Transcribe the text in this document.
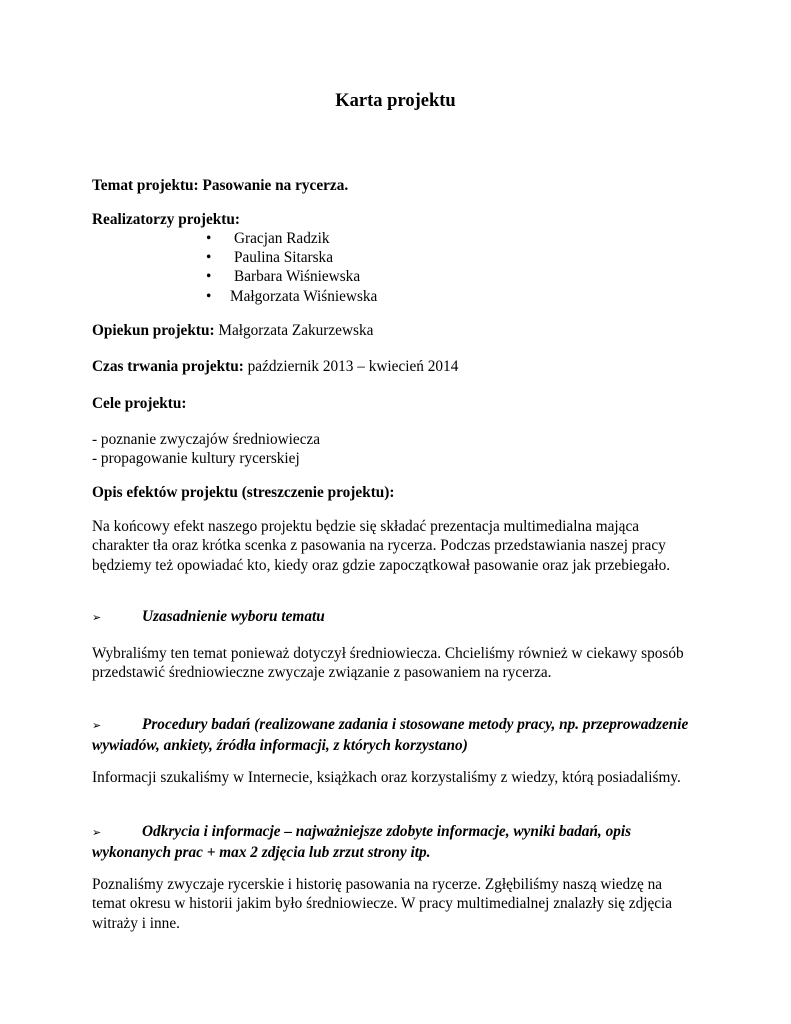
Karta projektu
Temat projektu: Pasowanie na rycerza.
Realizatorzy projektu:
• Gracjan Radzik
• Paulina Sitarska
• Barbara Wiśniewska
• Małgorzata Wiśniewska
Opiekun projektu: Małgorzata Zakurzewska
Czas trwania projektu: październik 2013 – kwiecień 2014
Cele projektu:
- poznanie zwyczajów średniowiecza
- propagowanie kultury rycerskiej
Opis efektów projektu (streszczenie projektu):
Na końcowy efekt naszego projektu będzie się składać prezentacja multimedialna mająca
charakter tła oraz krótka scenka z pasowania na rycerza. Podczas przedstawiania naszej pracy
będziemy też opowiadać kto, kiedy oraz gdzie zapoczątkował pasowanie oraz jak przebiegało.
➢	Uzasadnienie wyboru tematu
Wybraliśmy ten temat ponieważ dotyczył średniowiecza. Chcieliśmy również w ciekawy sposób
przedstawić średniowieczne zwyczaje związanie z pasowaniem na rycerza.
➢	Procedury badań (realizowane zadania i stosowane metody pracy, np. przeprowadzenie
wywiadów, ankiety, źródła informacji, z których korzystano)
Informacji szukaliśmy w Internecie, książkach oraz korzystaliśmy z wiedzy, którą posiadaliśmy.
➢	Odkrycia i informacje – najważniejsze zdobyte informacje, wyniki badań, opis
wykonanych prac + max 2 zdjęcia lub zrzut strony itp.
Poznaliśmy zwyczaje rycerskie i historię pasowania na rycerze. Zgłębiliśmy naszą wiedzę na
temat okresu w historii jakim było średniowiecze. W pracy multimedialnej znalazły się zdjęcia
witraży i inne.
